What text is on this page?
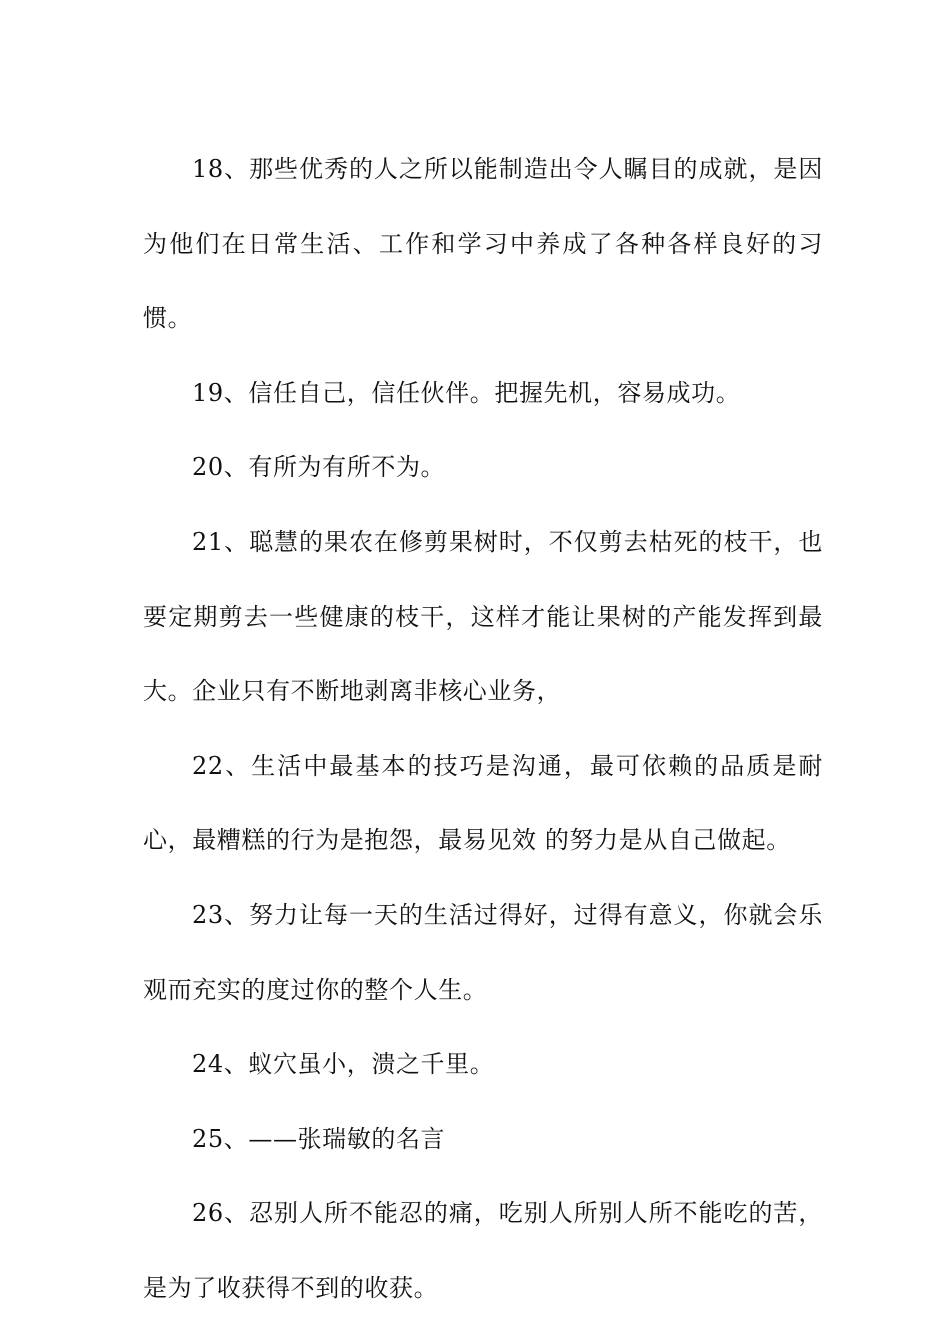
18、那些优秀的人之所以能制造出令人瞩目的成就，是因为他们在日常生活、工作和学习中养成了各种各样良好的习惯。

19、信任自己，信任伙伴。把握先机，容易成功。

20、有所为有所不为。

21、聪慧的果农在修剪果树时，不仅剪去枯死的枝干，也要定期剪去一些健康的枝干，这样才能让果树的产能发挥到最大。企业只有不断地剥离非核心业务，

22、生活中最基本的技巧是沟通，最可依赖的品质是耐心，最糟糕的行为是抱怨，最易见效 的努力是从自己做起。

23、努力让每一天的生活过得好，过得有意义，你就会乐观而充实的度过你的整个人生。

24、蚁穴虽小，溃之千里。

25、——张瑞敏的名言

26、忍别人所不能忍的痛，吃别人所别人所不能吃的苦，是为了收获得不到的收获。
